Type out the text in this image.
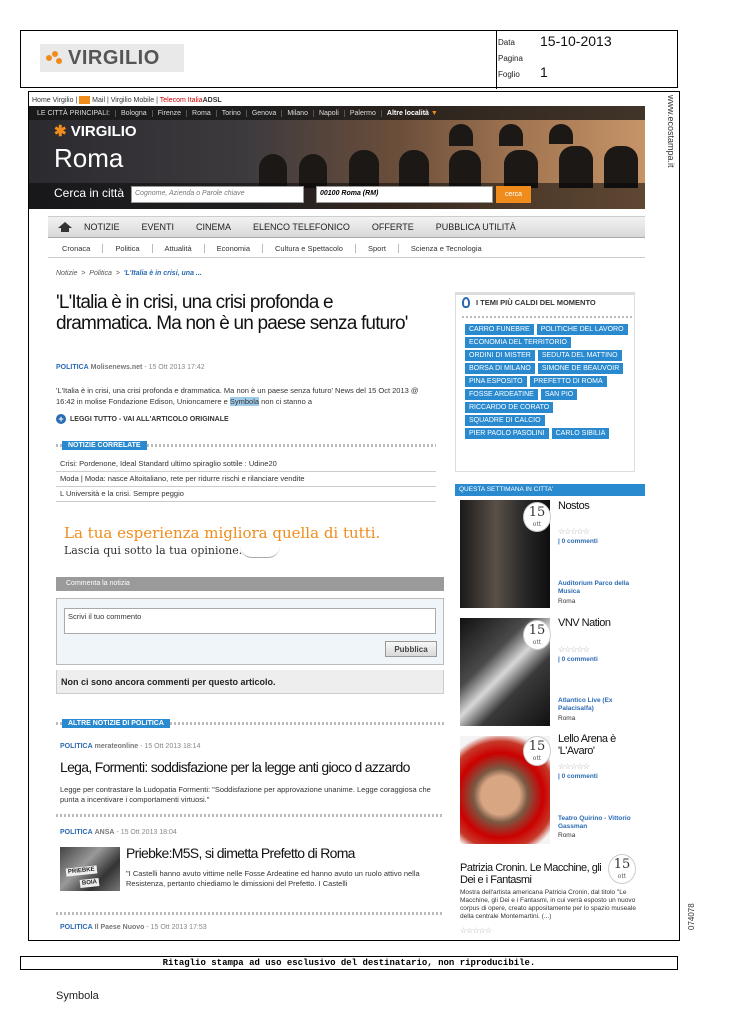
VIRGILIO
Data 15-10-2013
Pagina
Foglio 1
www.ecostampa.it
074078
Home Virgilio |  Mail | Virgilio Mobile | Telecom ItaliaADSL
LE CITTÀ PRINCIPALI:	Bologna	Firenze	Roma	Torino	Genova	Milano	Napoli	Palermo	Altre località ▼
✱ VIRGILIO
Roma
Cerca in città	Cognome, Azienda o Parole chiave	00100 Roma (RM)	cerca
NOTIZIE EVENTI CINEMA ELENCO TELEFONICO OFFERTE PUBBLICA UTILITÀ
Cronaca	Politica	Attualità	Economia	Cultura e Spettacolo	Sport	Scienza e Tecnologia
Notizie > Politica > 'L'Italia è in crisi, una ...
'L'Italia è in crisi, una crisi profonda e drammatica. Ma non è un paese senza futuro'
POLITICA Molisenews.net - 15 Ott 2013 17:42
'L'Italia è in crisi, una crisi profonda e drammatica. Ma non è un paese senza futuro' News del 15 Oct 2013 @ 16:42 in molise Fondazione Edison, Unioncamere e Symbola non ci stanno a
+ LEGGI TUTTO - VAI ALL'ARTICOLO ORIGINALE
NOTIZIE CORRELATE
Crisi: Pordenone, Ideal Standard ultimo spiraglio sottile : Udine20
Moda | Moda: nasce Altoitaliano, rete per ridurre rischi e rilanciare vendite
L Università e la crisi. Sempre peggio
La tua esperienza migliora quella di tutti.
Lascia qui sotto la tua opinione.
Commenta la notizia
Scrivi il tuo commento
Pubblica
Non ci sono ancora commenti per questo articolo.
ALTRE NOTIZIE DI POLITICA
POLITICA merateonline - 15 Ott 2013 18:14
Lega, Formenti: soddisfazione per la legge anti gioco d azzardo
Legge per contrastare la Ludopatia Formenti: "Soddisfazione per approvazione unanime. Legge coraggiosa che punta a incentivare i comportamenti virtuosi."
POLITICA ANSA - 15 Ott 2013 18:04
PRIEBKE
BOIA
Priebke:M5S, si dimetta Prefetto di Roma
"I Castelli hanno avuto vittime nelle Fosse Ardeatine ed hanno avuto un ruolo attivo nella Resistenza, pertanto chiediamo le dimissioni del Prefetto. I Castelli
POLITICA Il Paese Nuovo - 15 Ott 2013 17:53
I TEMI PIÙ CALDI DEL MOMENTO
CARRO FUNEBRE	POLITICHE DEL LAVORO
ECONOMIA DEL TERRITORIO
ORDINI DI MISTER	SEDUTA DEL MATTINO
BORSA DI MILANO	SIMONE DE BEAUVOIR
PINA ESPOSITO	PREFETTO DI ROMA
FOSSE ARDEATINE	SAN PIO
RICCARDO DE CORATO
SQUADRE DI CALCIO
PIER PAOLO PASOLINI	CARLO SIBILIA
QUESTA SETTIMANA IN CITTA'
15
ott
Nostos
☆☆☆☆☆
| 0 commenti
Auditorium Parco della Musica
Roma
15
ott
VNV Nation
☆☆☆☆☆
| 0 commenti
Atlantico Live (Ex Palacisalfa)
Roma
15
ott
Lello Arena è 'L'Avaro'
☆☆☆☆☆
| 0 commenti
Teatro Quirino - Vittorio Gassman
Roma
Patrizia Cronin. Le Macchine, gli Dei e i Fantasmi
15
ott
Mostra dell'artista americana Patricia Cronin, dal titolo "Le Macchine, gli Dei e i Fantasmi, in cui verrà esposto un nuovo corpus di opere, creato appositamente per lo spazio museale della centrale Montemartini. (...)
☆☆☆☆☆
Ritaglio stampa ad uso esclusivo del destinatario, non riproducibile.
Symbola
